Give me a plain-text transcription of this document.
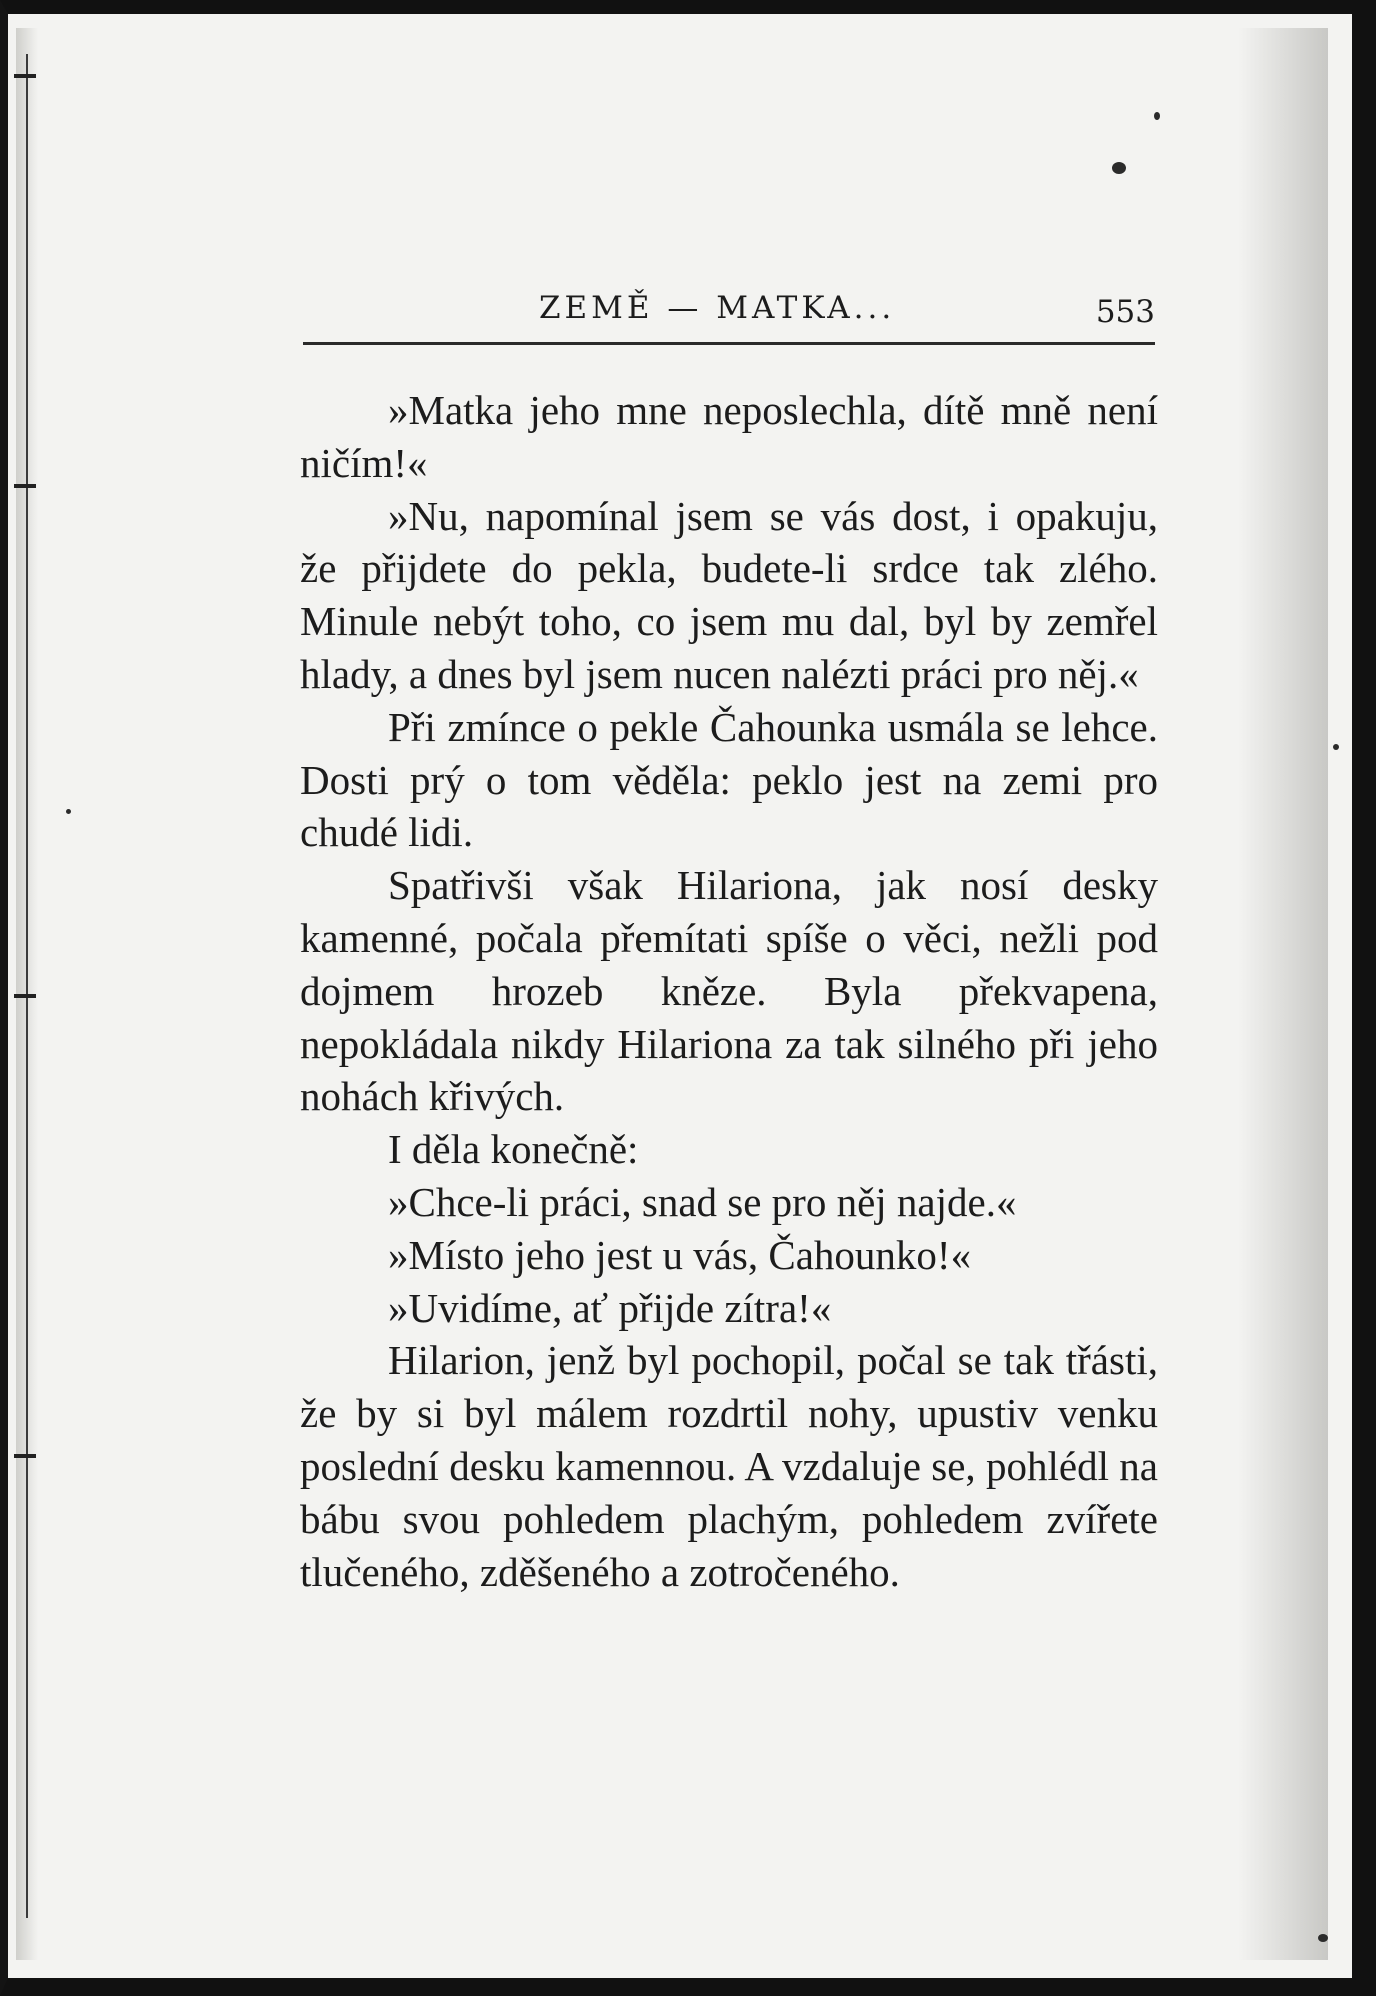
ZEMĚ — MATKA...	553

»Matka jeho mne neposlechla, dítě mně není ničím!«

»Nu, napomínal jsem se vás dost, i opakuju, že přijdete do pekla, budete-li srdce tak zlého. Minule nebýt toho, co jsem mu dal, byl by zemřel hlady, a dnes byl jsem nucen nalézti práci pro něj.«

Při zmínce o pekle Čahounka usmála se lehce. Dosti prý o tom věděla: peklo jest na zemi pro chudé lidi.

Spatřivši však Hilariona, jak nosí desky kamenné, počala přemítati spíše o věci, nežli pod dojmem hrozeb kněze. Byla překvapena, nepokládala nikdy Hilariona za tak silného při jeho nohách křivých.

I děla konečně:

»Chce-li práci, snad se pro něj najde.«

»Místo jeho jest u vás, Čahounko!«

»Uvidíme, ať přijde zítra!«

Hilarion, jenž byl pochopil, počal se tak třásti, že by si byl málem rozdrtil nohy, upustiv venku poslední desku kamennou. A vzdaluje se, pohlédl na bábu svou pohledem plachým, pohledem zvířete tlučeného, zděšeného a zotročeného.
